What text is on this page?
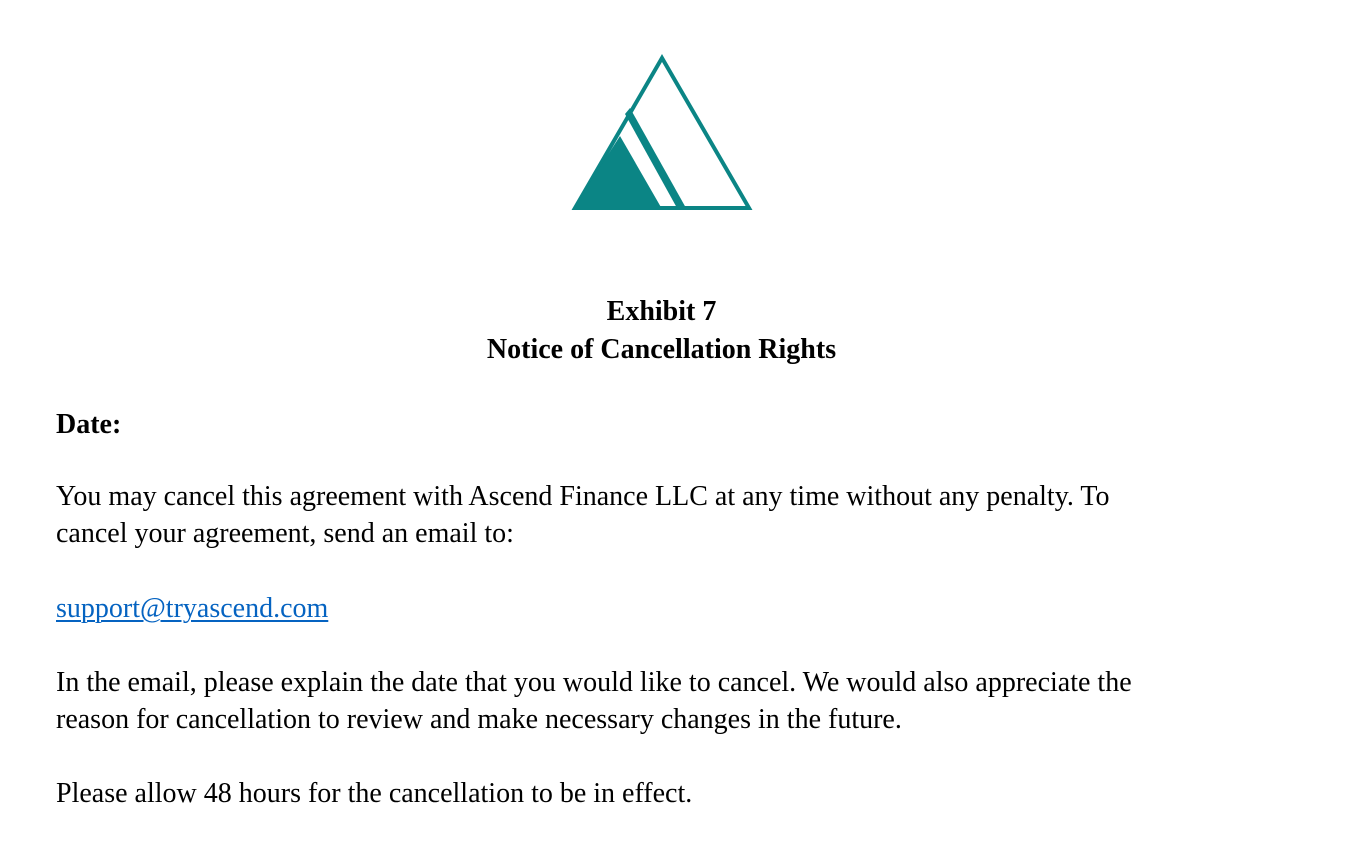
Exhibit 7

Notice of Cancellation Rights

Date:

You may cancel this agreement with Ascend Finance LLC at any time without any penalty. To
cancel your agreement, send an email to:

support@tryascend.com

In the email, please explain the date that you would like to cancel. We would also appreciate the
reason for cancellation to review and make necessary changes in the future.

Please allow 48 hours for the cancellation to be in effect.
